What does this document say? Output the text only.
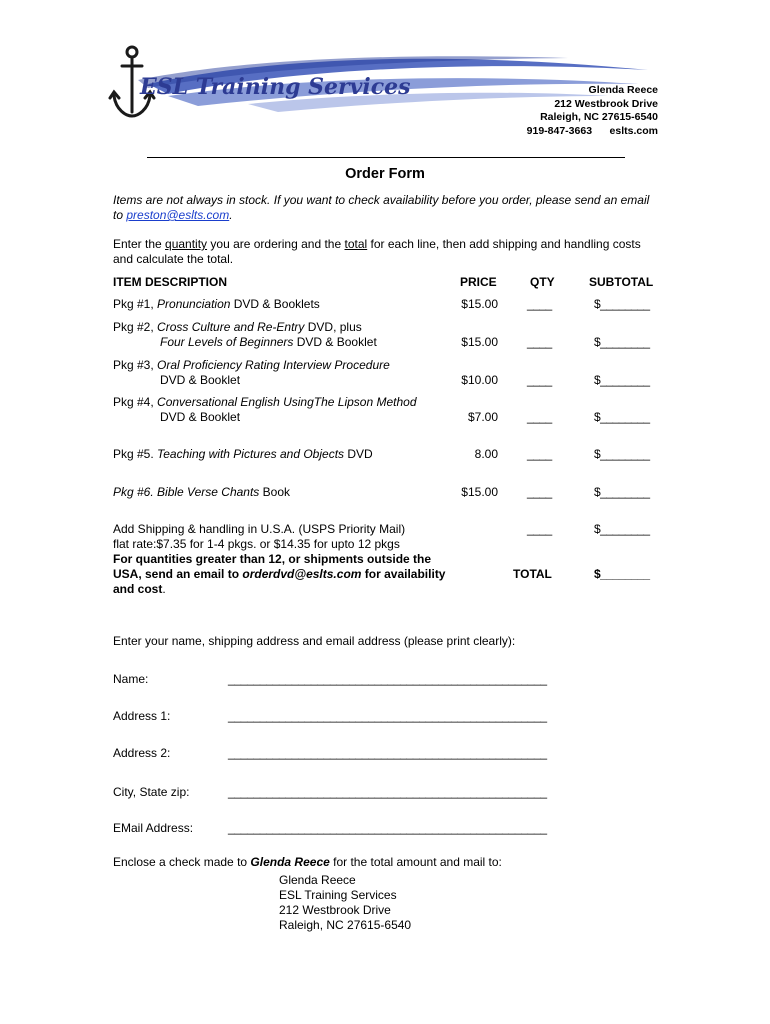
ESL Training Services	Glenda Reece
212 Westbrook Drive
Raleigh, NC 27615-6540
919-847-3663 eslts.com
Order Form
Items are not always in stock. If you want to check availability before you order, please send an email to preston@eslts.com.
Enter the quantity you are ordering and the total for each line, then add shipping and handling costs and calculate the total.
ITEM DESCRIPTION	PRICE	QTY	SUBTOTAL
Pkg #1, Pronunciation DVD & Booklets	$15.00 ____	$________
Pkg #2, Cross Culture and Re-Entry DVD, plus
Four Levels of Beginners DVD & Booklet	$15.00 ____	$________
Pkg #3, Oral Proficiency Rating Interview Procedure
DVD & Booklet	$10.00 ____	$________
Pkg #4, Conversational English UsingThe Lipson Method
DVD & Booklet	$7.00 ____	$________
Pkg #5. Teaching with Pictures and Objects DVD	8.00 ____	$________
Pkg #6. Bible Verse Chants Book	$15.00 ____	$________
Add Shipping & handling in U.S.A. (USPS Priority Mail)
flat rate:$7.35 for 1-4 pkgs. or $14.35 for upto 12 pkgs
For quantities greater than 12, or shipments outside the
USA, send an email to orderdvd@eslts.com for availability
and cost.
____	$________
TOTAL	$________
Enter your name, shipping address and email address (please print clearly):
Name:	__________________________________________________
Address 1:	__________________________________________________
Address 2:	__________________________________________________
City, State zip:	__________________________________________________
EMail Address:	__________________________________________________
Enclose a check made to Glenda Reece for the total amount and mail to:
Glenda Reece
ESL Training Services
212 Westbrook Drive
Raleigh, NC 27615-6540
